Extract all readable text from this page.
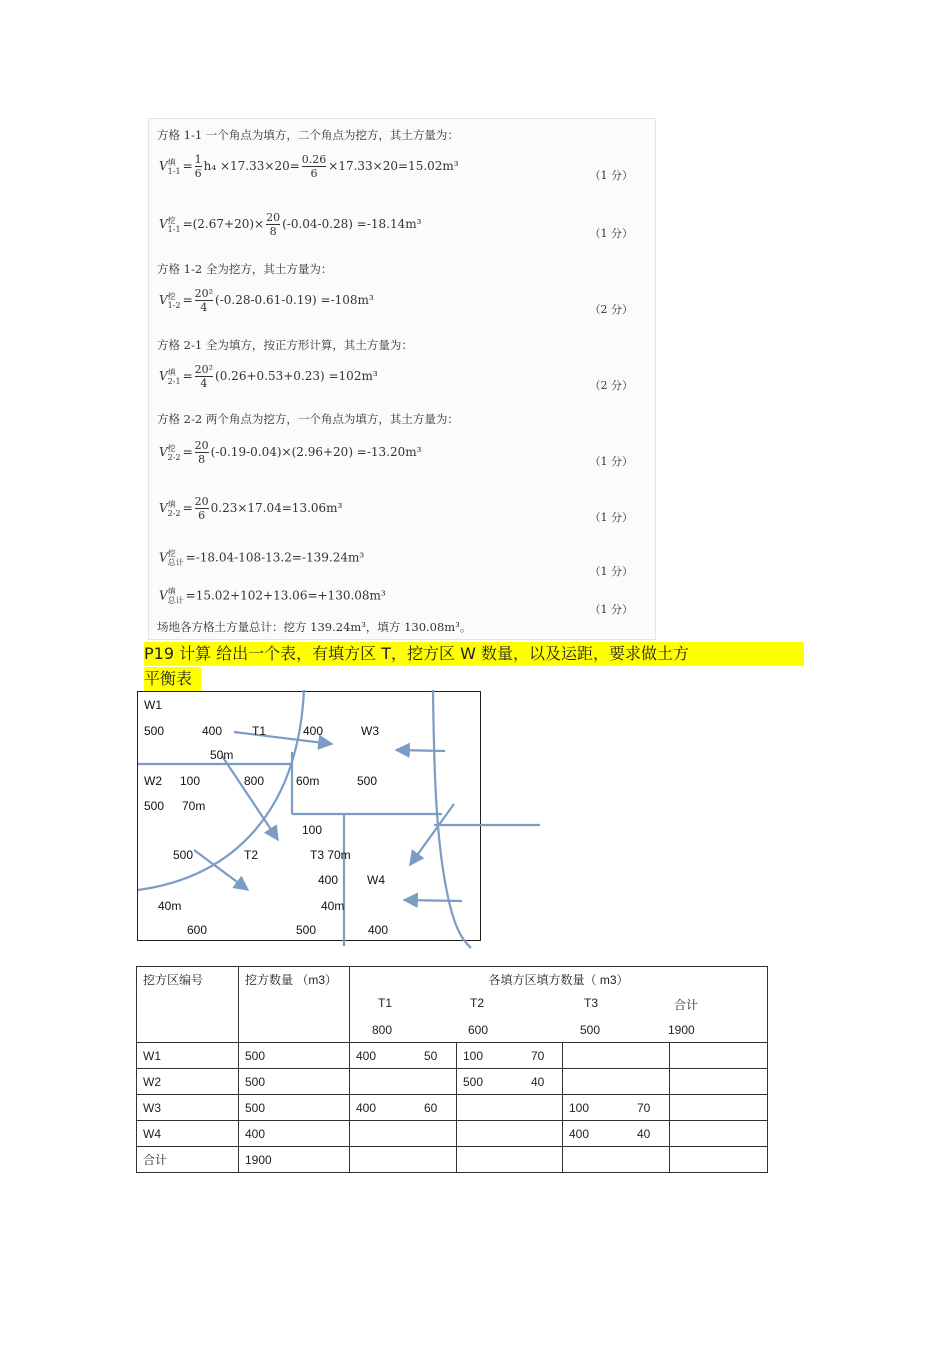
方格 1-1 一个角点为填方，二个角点为挖方，其土方量为：
V 填
$1-1 = \frac{1}{6} h_4 \times 17.33\times 20= \frac{0.26}{6} \times 17.33\times 20=15.02m^3$
（1 分）
V 挖
$1-1 =(2.67+20)\times \frac{20}{8} (-0.04-0.28) =-18.14m^3$
（1 分）
方格 1-2 全为挖方，其土方量为：
V 挖
$1-2 = \frac{\text{20²}}{4} (-0.28-0.61-0.19) =-108m^3$
（2 分）
方格 2-1 全为填方，按正方形计算，其土方量为：
V 填
$2-1 = \frac{\text{20²}}{4} (0.26+0.53+0.23) =102m^3$
（2 分）
方格 2-2 两个角点为挖方，一个角点为填方，其土方量为：
V 挖
$2-2 = \frac{20}{8} (-0.19-0.04)\times(2.96+20) =-13.20m^3$
（1 分）
V 填
$2-2 = \frac{20}{6} 0.23\times 17.04=13.06m^3$
（1 分）
V 挖
总计 =-18.04-108-13.2=-139.24m³
（1 分）
V 填
总计 =15.02+102+13.06=+130.08m³
（1 分）
场地各方格土方量总计：挖方 139.24m³，填方 130.08m³。
P19 计算 给出一个表，有填方区 T，挖方区 W 数量，以及运距，要求做土方
平衡表
W1
500	400 T1	400	W3
50m
W2 100	800	60m	500
500 70m
100
500	T2	T3 70m
400 W4
40m	40m
600	500	400
挖方区编号	挖方数量 （m3）	各填方区填方数量（ m3）			

		T1 T2 T3 合计			

		800 600 500 1900			

W1	500	400 50	100 70		

W2	500		500 40		

W3	500	400 60		100 70	

W4	400			400 40	

合计	1900	
